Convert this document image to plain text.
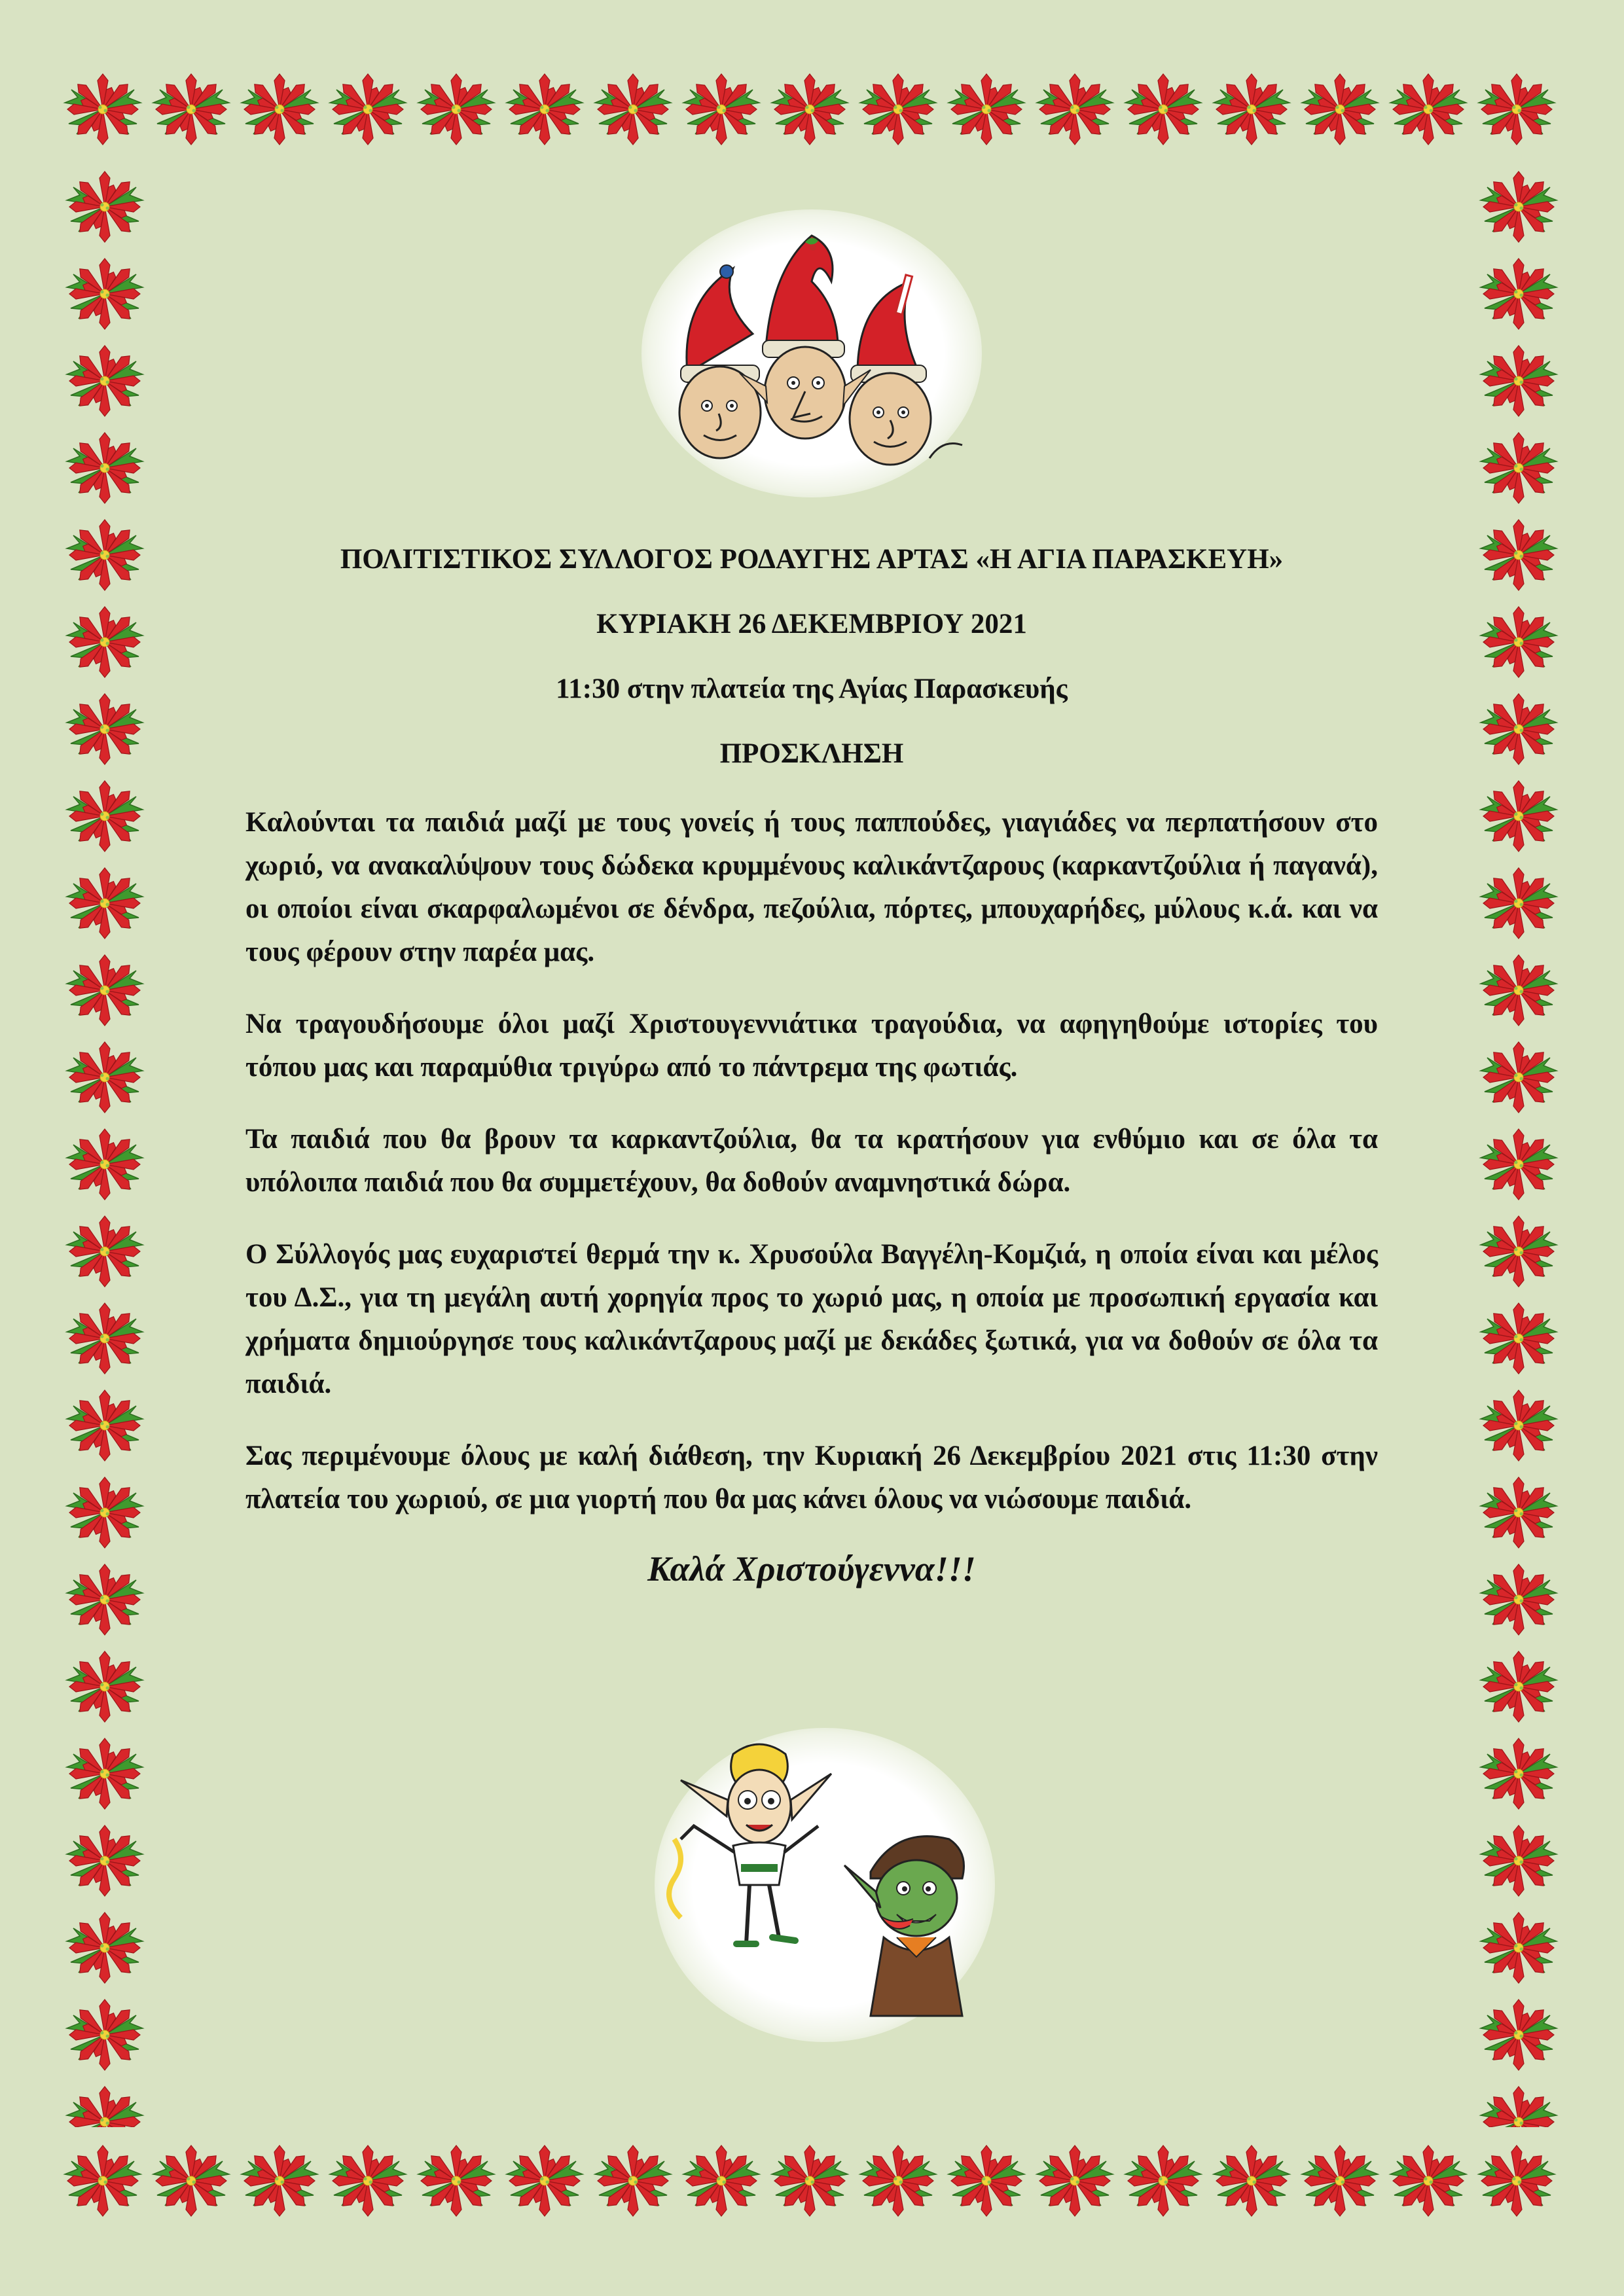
ΠΟΛΙΤΙΣΤΙΚΟΣ ΣΥΛΛΟΓΟΣ ΡΟΔΑΥΓΗΣ ΑΡΤΑΣ «Η ΑΓΙΑ ΠΑΡΑΣΚΕΥΗ»

ΚΥΡΙΑΚΗ 26 ΔΕΚΕΜΒΡΙΟΥ 2021

11:30 στην πλατεία της Αγίας Παρασκευής

ΠΡΟΣΚΛΗΣΗ

Καλούνται τα παιδιά μαζί με τους γονείς ή τους παππούδες, γιαγιάδες να περπατήσουν στο χωριό, να ανακαλύψουν τους δώδεκα κρυμμένους καλικάντζαρους (καρκαντζούλια ή παγανά), οι οποίοι είναι σκαρφαλωμένοι σε δένδρα, πεζούλια, πόρτες, μπουχαρήδες, μύλους κ.ά. και να τους φέρουν στην παρέα μας.

Να τραγουδήσουμε όλοι μαζί Χριστουγεννιάτικα τραγούδια, να αφηγηθούμε ιστορίες του τόπου μας και παραμύθια τριγύρω από το πάντρεμα της φωτιάς.

Τα παιδιά που θα βρουν τα καρκαντζούλια, θα τα κρατήσουν για ενθύμιο και σε όλα τα υπόλοιπα παιδιά που θα συμμετέχουν, θα δοθούν αναμνηστικά δώρα.

Ο Σύλλογός μας ευχαριστεί θερμά την κ. Χρυσούλα Βαγγέλη-Κομζιά, η οποία είναι και μέλος του Δ.Σ., για τη μεγάλη αυτή χορηγία προς το χωριό μας, η οποία με προσωπική εργασία και χρήματα δημιούργησε τους καλικάντζαρους μαζί με δεκάδες ξωτικά, για να δοθούν σε όλα τα παιδιά.

Σας περιμένουμε όλους με καλή διάθεση, την Κυριακή 26 Δεκεμβρίου 2021 στις 11:30 στην πλατεία του χωριού, σε μια γιορτή που θα μας κάνει όλους να νιώσουμε παιδιά.

Καλά Χριστούγεννα!!!
